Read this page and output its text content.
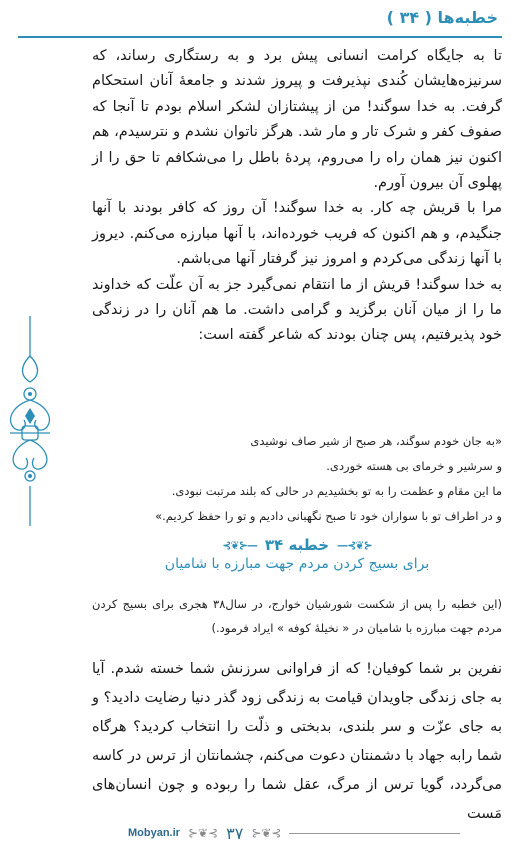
خطبه‌ها ( ۳۴ )

تا به جایگاه کرامت انسانی پیش برد و به رستگاری رساند، که سرنیزه‌هایشان کُندی نپذیرفت و پیروز شدند و جامعهٔ آنان استحکام گرفت. به خدا سوگند! من از پیشتازان لشکر اسلام بودم تا آنجا که صفوف کفر و شرک تار و مار شد. هرگز ناتوان نشدم و نترسیدم، هم اکنون نیز همان راه را می‌روم، پردهٔ باطل را می‌شکافم تا حق را از پهلوی آن بیرون آورم.

مرا با قریش چه کار. به خدا سوگند! آن روز که کافر بودند با آنها جنگیدم، و هم اکنون که فریب خورده‌اند، با آنها مبارزه می‌کنم. دیروز با آنها زندگی می‌کردم و امروز نیز گرفتار آنها می‌باشم.

به خدا سوگند! قریش از ما انتقام نمی‌گیرد جز به آن علّت که خداوند ما را از میان آنان برگزید و گرامی داشت. ما هم آنان را در زندگی خود پذیرفتیم، پس چنان بودند که شاعر گفته است:

«به جان خودم سوگند، هر صبح از شیر صاف نوشیدی
و سرشیر و خرمای بی هسته خوردی.
ما این مقام و عظمت را به تو بخشیدیم در حالی که بلند مرتبت نبودی.
و در اطراف تو با سواران خود تا صبح نگهبانی دادیم و تو را حفظ کردیم.»
⊰❦⊱—
خطبه ۳۴
—⊰❦⊱
برای بسیج کردن مردم جهت مبارزه با شامیان
(این خطبه را پس از شکست شورشیان خوارج، در سال۳۸ هجری برای بسیج کردن مردم جهت مبارزه با شامیان در « نخیلهٔ کوفه » ایراد فرمود.)

نفرین بر شما کوفیان! که از فراوانی سرزنش شما خسته شدم. آیا به جای زندگی جاویدان قیامت به زندگی زود گذر دنیا رضایت دادید؟ و به جای عزّت و سر بلندی، بدبختی و ذلّت را انتخاب کردید؟ هرگاه شما رابه جهاد با دشمنتان دعوت می‌کنم، چشمانتان از ترس در کاسه می‌گردد، گویا ترس از مرگ، عقل شما را ربوده و چون انسان‌های مَست

Mobyan.ir ⊱❦⊰ ۳۷ ⊱❦⊰
